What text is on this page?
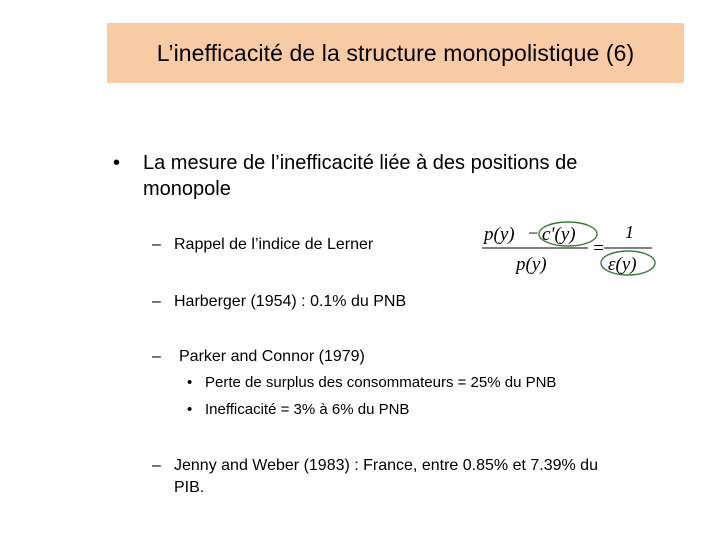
L’inefficacité de la structure monopolistique (6)
• La mesure de l’inefficacité liée à des positions de
monopole
– Rappel de l’indice de Lerner	p(y) − c'(y)
p(y)
=
1
ε(y)
– Harberger (1954) : 0.1% du PNB
– Parker and Connor (1979)
• Perte de surplus des consommateurs = 25% du PNB
• Inefficacité = 3% à 6% du PNB
– Jenny and Weber (1983) : France, entre 0.85% et 7.39% du
PIB.
